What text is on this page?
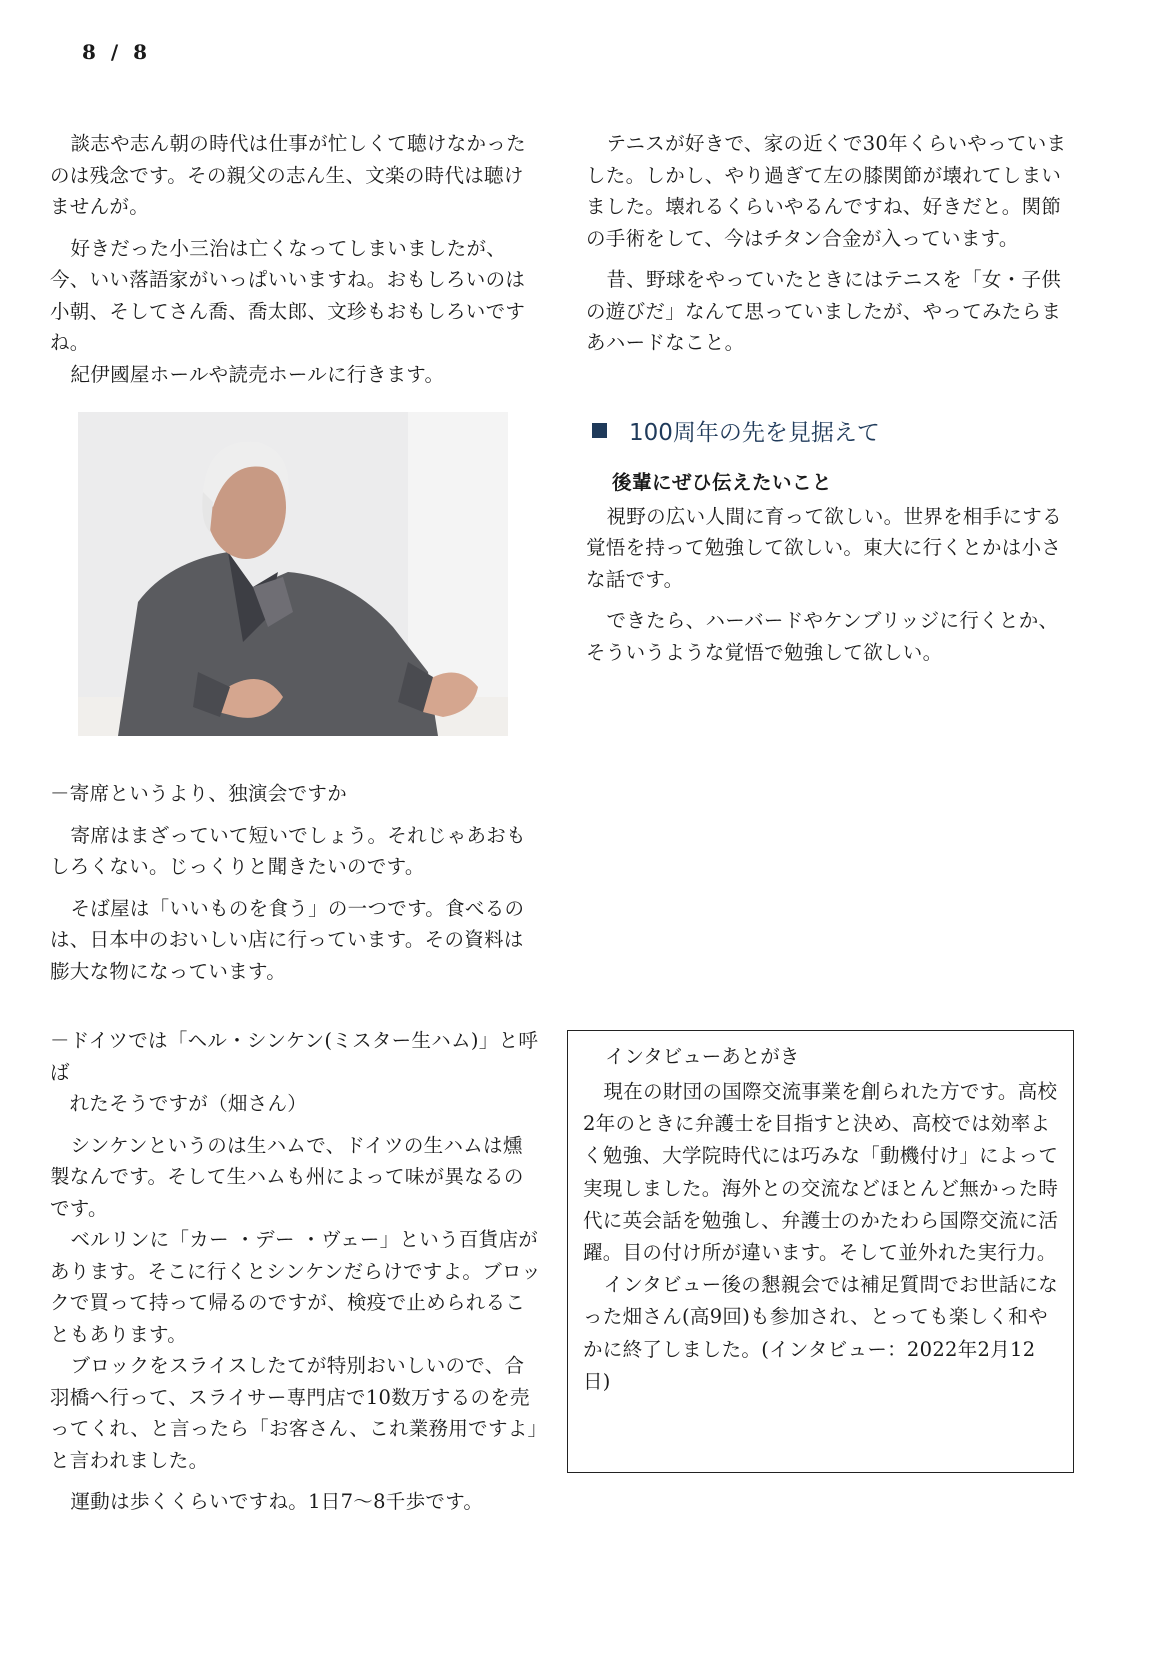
8 / 8

談志や志ん朝の時代は仕事が忙しくて聴けなかったのは残念です。その親父の志ん生、文楽の時代は聴けませんが。

好きだった小三治は亡くなってしまいましたが、今、いい落語家がいっぱいいますね。おもしろいのは小朝、そしてさん喬、喬太郎、文珍もおもしろいですね。

紀伊國屋ホールや読売ホールに行きます。

－寄席というより、独演会ですか

寄席はまざっていて短いでしょう。それじゃあおもしろくない。じっくりと聞きたいのです。

そば屋は「いいものを食う」の一つです。食べるのは、日本中のおいしい店に行っています。その資料は膨大な物になっています。

－ドイツでは「ヘル・シンケン(ミスター生ハム)」と呼ば
れたそうですが（畑さん）

シンケンというのは生ハムで、ドイツの生ハムは燻製なんです。そして生ハムも州によって味が異なるのです。

ベルリンに「カー ・デー ・ヴェー」という百貨店があります。そこに行くとシンケンだらけですよ。ブロックで買って持って帰るのですが、検疫で止められることもあります。

ブロックをスライスしたてが特別おいしいので、合羽橋へ行って、スライサー専門店で10数万するのを売ってくれ、と言ったら「お客さん、これ業務用ですよ」と言われました。

運動は歩くくらいですね。1日7～8千歩です。

テニスが好きで、家の近くで30年くらいやっていました。しかし、やり過ぎて左の膝関節が壊れてしまいました。壊れるくらいやるんですね、好きだと。関節の手術をして、今はチタン合金が入っています。

昔、野球をやっていたときにはテニスを「女・子供の遊びだ」なんて思っていましたが、やってみたらまあハードなこと。

100周年の先を見据えて
後輩にぜひ伝えたいこと

視野の広い人間に育って欲しい。世界を相手にする覚悟を持って勉強して欲しい。東大に行くとかは小さな話です。

できたら、ハーバードやケンブリッジに行くとか、そういうような覚悟で勉強して欲しい。

インタビューあとがき

現在の財団の国際交流事業を創られた方です。高校2年のときに弁護士を目指すと決め、高校では効率よく勉強、大学院時代には巧みな「動機付け」によって実現しました。海外との交流などほとんど無かった時代に英会話を勉強し、弁護士のかたわら国際交流に活躍。目の付け所が違います。そして並外れた実行力。

インタビュー後の懇親会では補足質問でお世話になった畑さん(高9回)も参加され、とっても楽しく和やかに終了しました。(インタビュー：2022年2月12日)
